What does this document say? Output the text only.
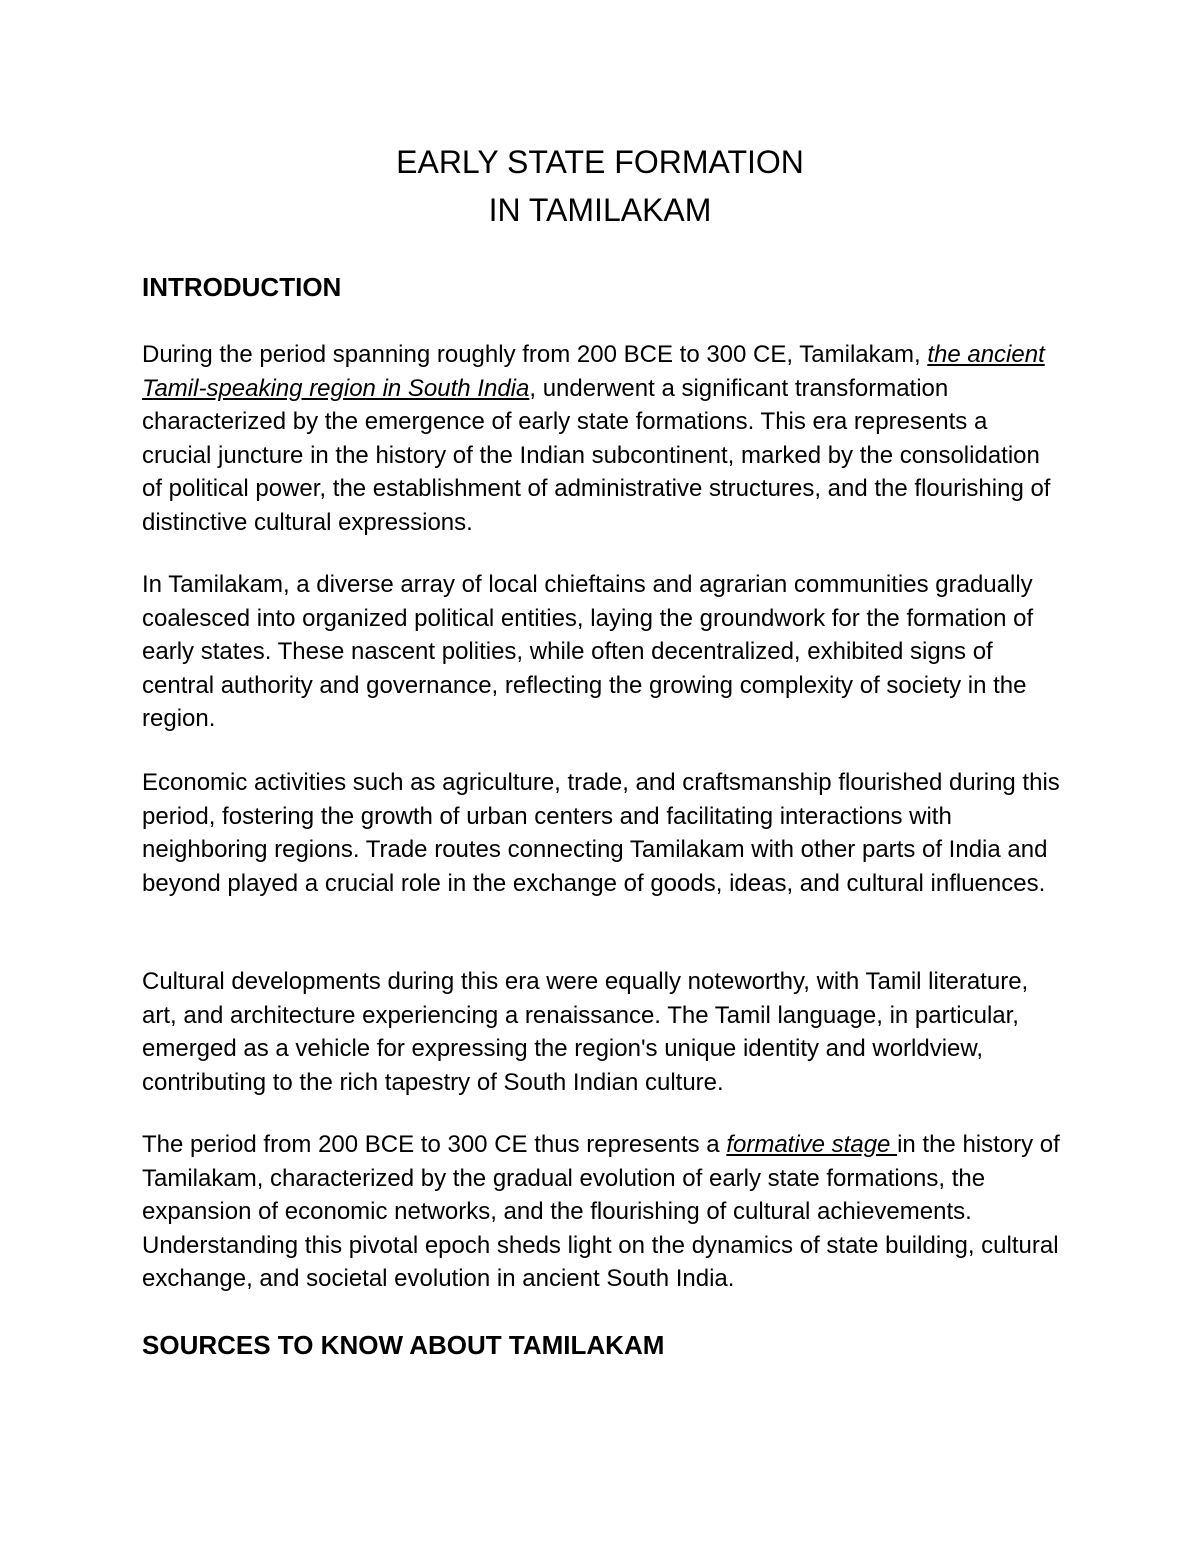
EARLY STATE FORMATION
IN TAMILAKAM
INTRODUCTION

During the period spanning roughly from 200 BCE to 300 CE, Tamilakam, the ancient Tamil-speaking region in South India, underwent a significant transformation characterized by the emergence of early state formations. This era represents a crucial juncture in the history of the Indian subcontinent, marked by the consolidation of political power, the establishment of administrative structures, and the flourishing of distinctive cultural expressions.

In Tamilakam, a diverse array of local chieftains and agrarian communities gradually coalesced into organized political entities, laying the groundwork for the formation of early states. These nascent polities, while often decentralized, exhibited signs of central authority and governance, reflecting the growing complexity of society in the region.

Economic activities such as agriculture, trade, and craftsmanship flourished during this period, fostering the growth of urban centers and facilitating interactions with neighboring regions. Trade routes connecting Tamilakam with other parts of India and beyond played a crucial role in the exchange of goods, ideas, and cultural influences.

Cultural developments during this era were equally noteworthy, with Tamil literature, art, and architecture experiencing a renaissance. The Tamil language, in particular, emerged as a vehicle for expressing the region's unique identity and worldview, contributing to the rich tapestry of South Indian culture.

The period from 200 BCE to 300 CE thus represents a formative stage in the history of Tamilakam, characterized by the gradual evolution of early state formations, the expansion of economic networks, and the flourishing of cultural achievements. Understanding this pivotal epoch sheds light on the dynamics of state building, cultural exchange, and societal evolution in ancient South India.

SOURCES TO KNOW ABOUT TAMILAKAM
